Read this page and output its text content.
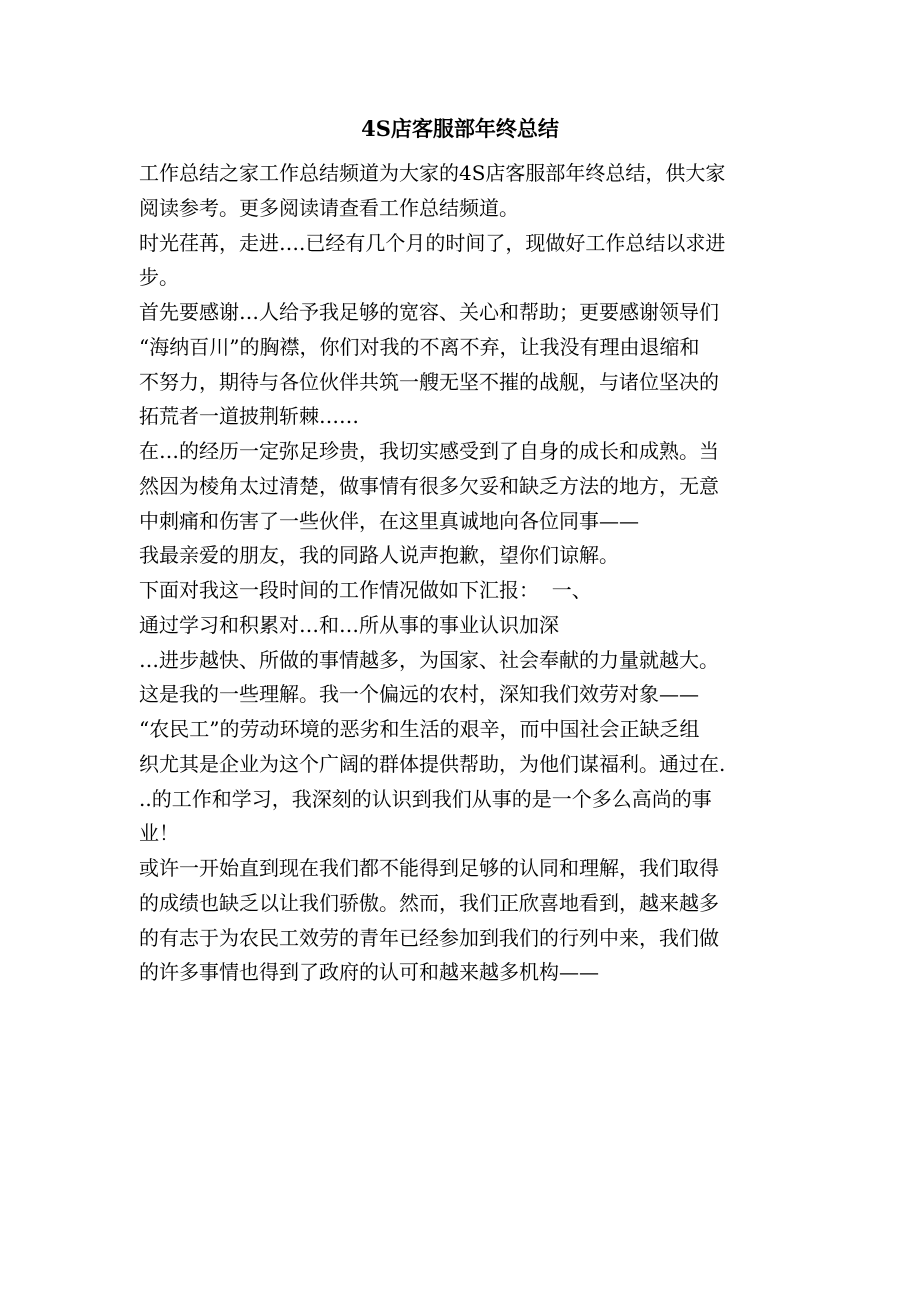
4S店客服部年终总结
工作总结之家工作总结频道为大家的4S店客服部年终总结，供大家
阅读参考。更多阅读请查看工作总结频道。
时光荏苒，走进….已经有几个月的时间了，现做好工作总结以求进
步。
首先要感谢…人给予我足够的宽容、关心和帮助；更要感谢领导们
“海纳百川”的胸襟，你们对我的不离不弃，让我没有理由退缩和
不努力，期待与各位伙伴共筑一艘无坚不摧的战舰，与诸位坚决的
拓荒者一道披荆斩棘……
在…的经历一定弥足珍贵，我切实感受到了自身的成长和成熟。当
然因为棱角太过清楚，做事情有很多欠妥和缺乏方法的地方，无意
中刺痛和伤害了一些伙伴，在这里真诚地向各位同事——
我最亲爱的朋友，我的同路人说声抱歉，望你们谅解。
下面对我这一段时间的工作情况做如下汇报：  一、
通过学习和积累对…和…所从事的事业认识加深
…进步越快、所做的事情越多，为国家、社会奉献的力量就越大。
这是我的一些理解。我一个偏远的农村，深知我们效劳对象——
“农民工”的劳动环境的恶劣和生活的艰辛，而中国社会正缺乏组
织尤其是企业为这个广阔的群体提供帮助，为他们谋福利。通过在.
..的工作和学习，我深刻的认识到我们从事的是一个多么高尚的事
业！
或许一开始直到现在我们都不能得到足够的认同和理解，我们取得
的成绩也缺乏以让我们骄傲。然而，我们正欣喜地看到，越来越多
的有志于为农民工效劳的青年已经参加到我们的行列中来，我们做
的许多事情也得到了政府的认可和越来越多机构——
